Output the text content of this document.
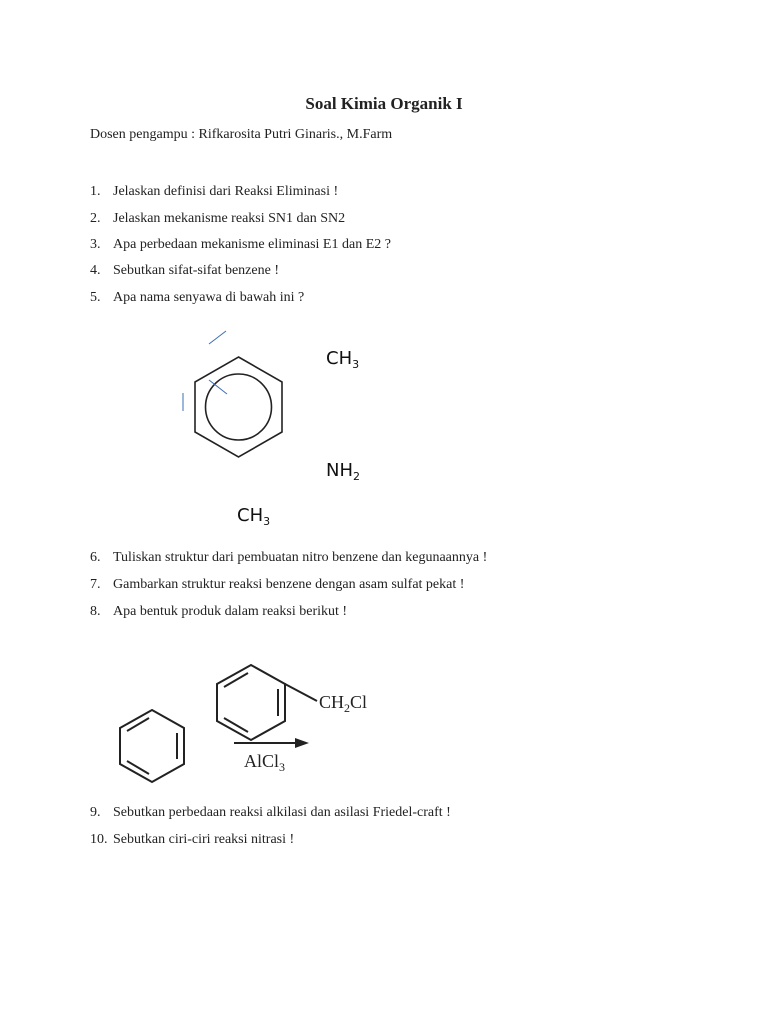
Soal Kimia Organik I
Dosen pengampu : Rifkarosita Putri Ginaris., M.Farm
1. Jelaskan definisi dari Reaksi Eliminasi !
2. Jelaskan mekanisme reaksi SN1 dan SN2
3. Apa perbedaan mekanisme eliminasi E1 dan E2 ?
4. Sebutkan sifat-sifat benzene !
5. Apa nama senyawa di bawah ini ?
$CH_3$
$NH_2$
$CH_3$
6. Tuliskan struktur dari pembuatan nitro benzene dan kegunaannya !
7. Gambarkan struktur reaksi benzene dengan asam sulfat pekat !
8. Apa bentuk produk dalam reaksi berikut !
$CH_2Cl$
AlCl$_3$
9. Sebutkan perbedaan reaksi alkilasi dan asilasi Friedel-craft !
10. Sebutkan ciri-ciri reaksi nitrasi !
